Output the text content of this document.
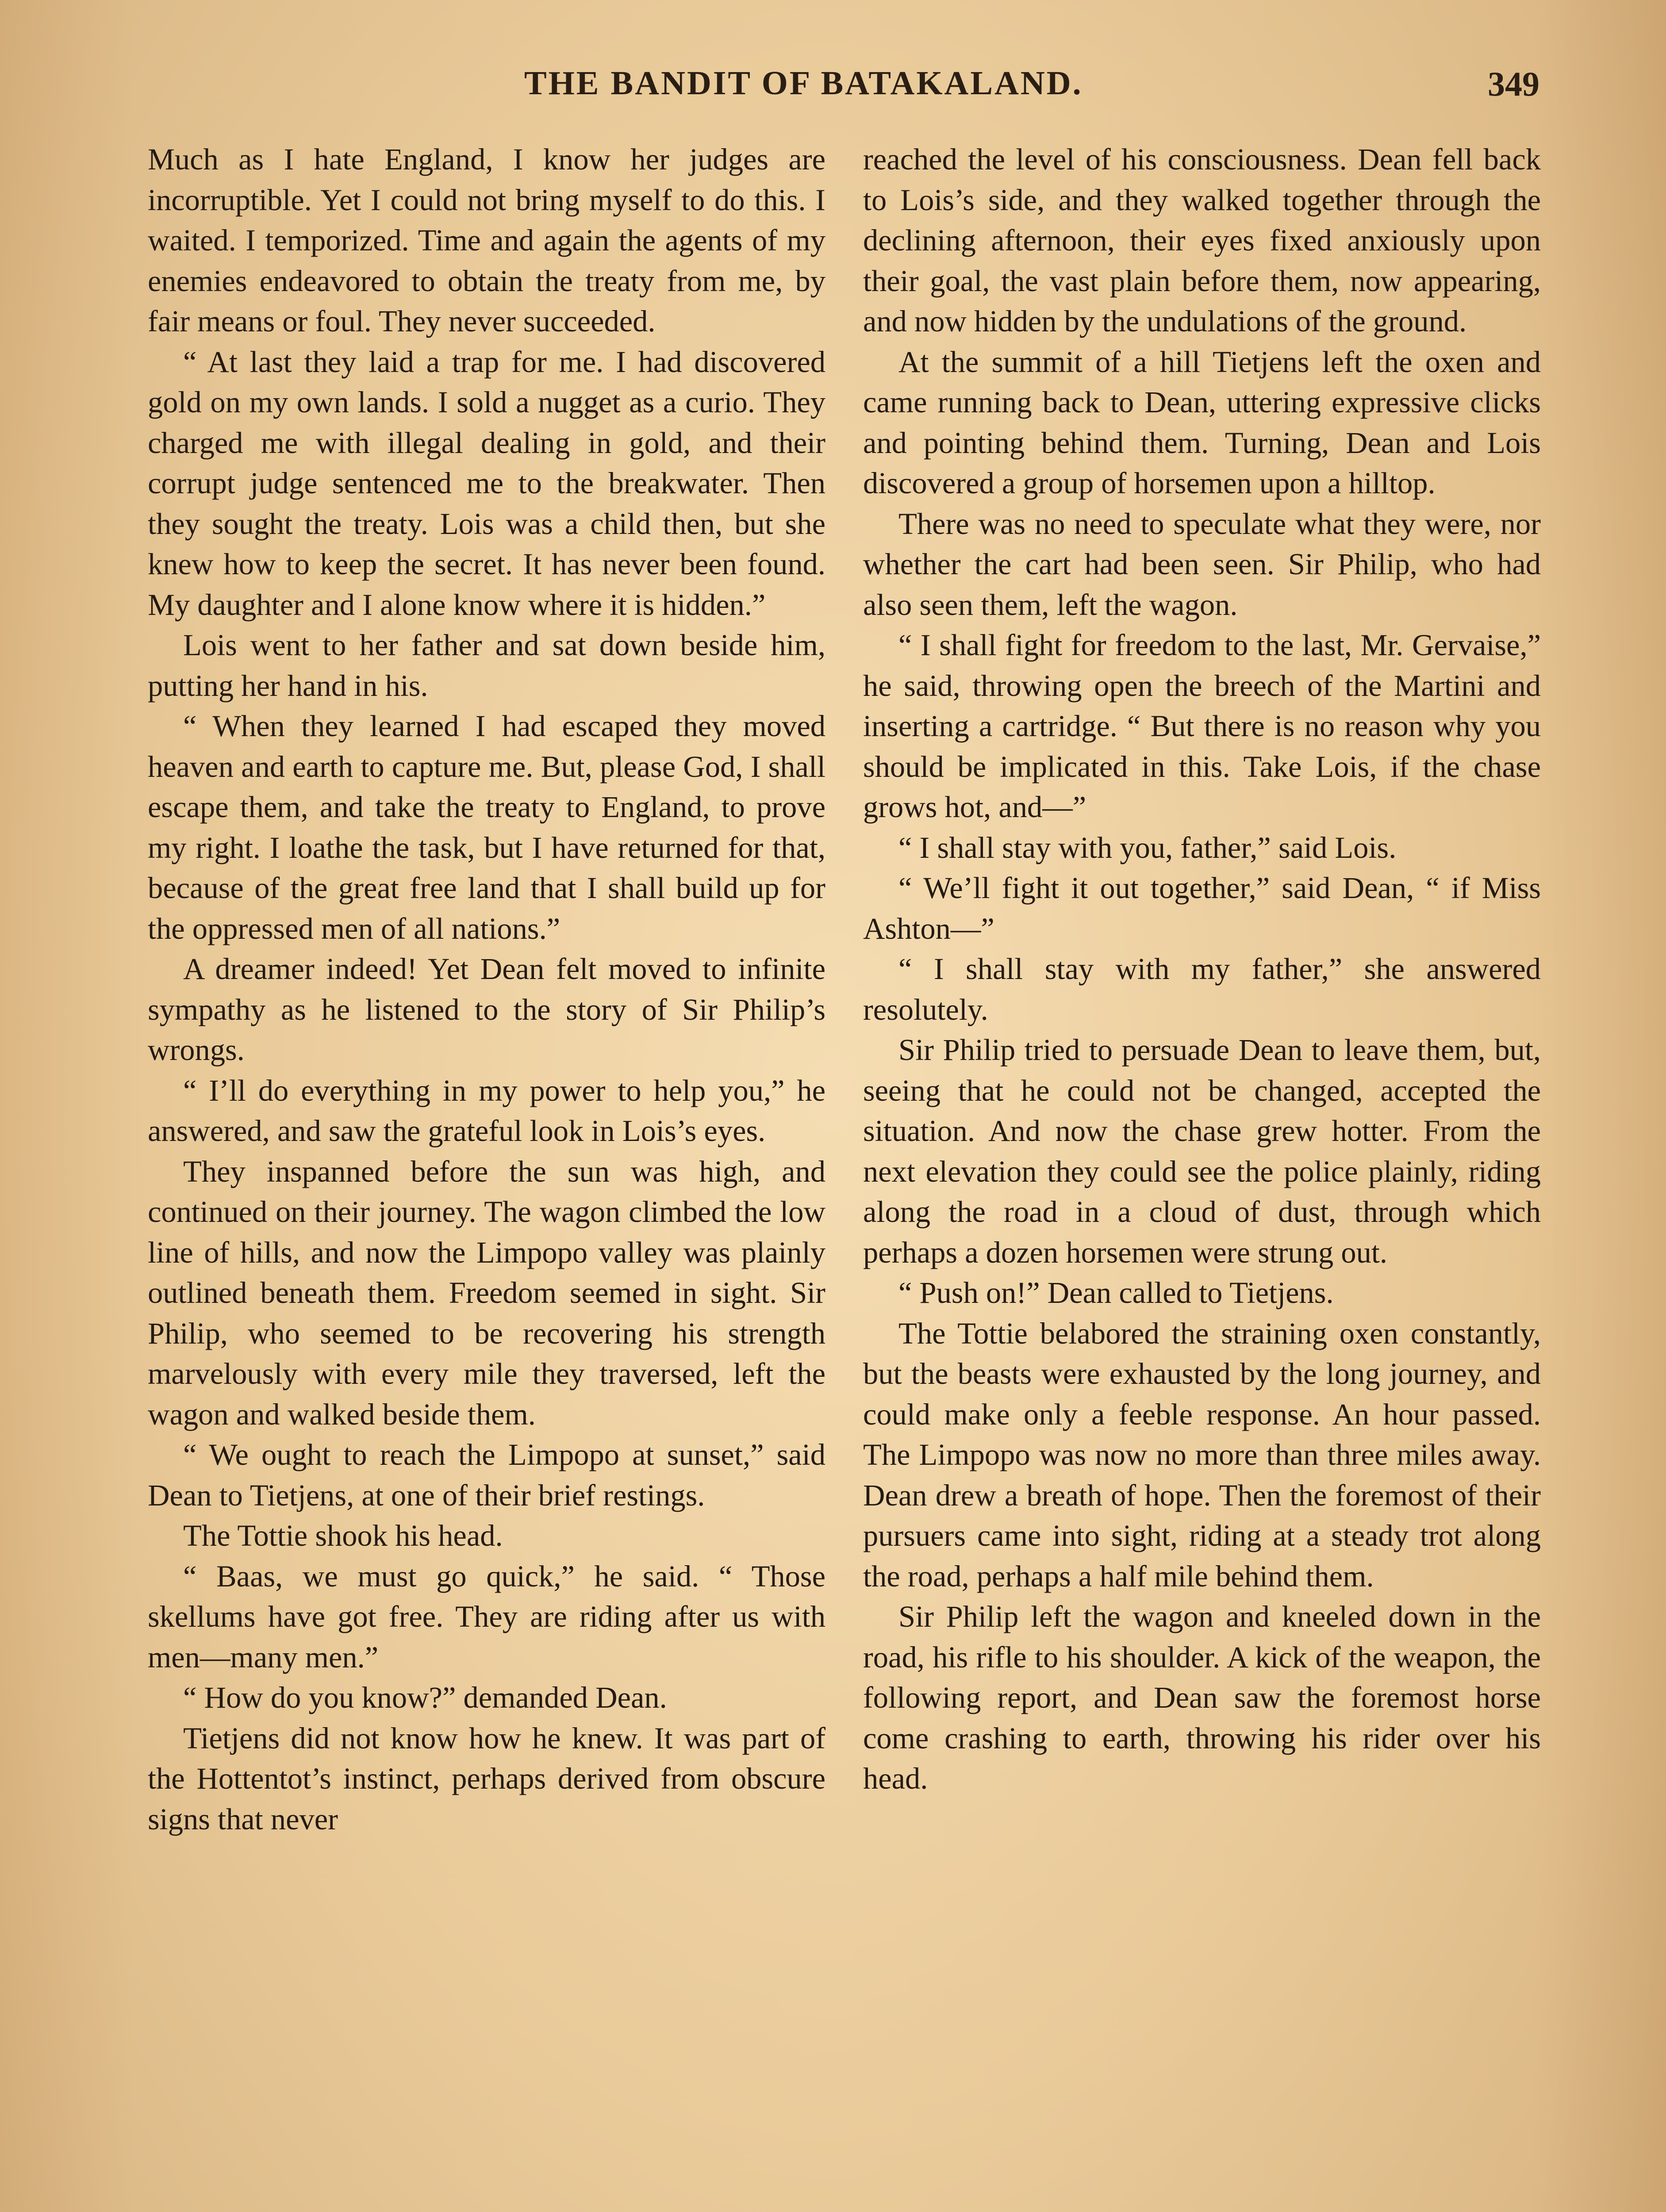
THE BANDIT OF BATAKALAND.	349

Much as I hate England, I know her judges are incorruptible. Yet I could not bring myself to do this. I waited. I temporized. Time and again the agents of my enemies endeavored to obtain the treaty from me, by fair means or foul. They never succeeded.

“ At last they laid a trap for me. I had discovered gold on my own lands. I sold a nugget as a curio. They charged me with illegal dealing in gold, and their corrupt judge sentenced me to the breakwater. Then they sought the treaty. Lois was a child then, but she knew how to keep the secret. It has never been found. My daughter and I alone know where it is hidden.”

Lois went to her father and sat down beside him, putting her hand in his.

“ When they learned I had escaped they moved heaven and earth to capture me. But, please God, I shall escape them, and take the treaty to England, to prove my right. I loathe the task, but I have returned for that, because of the great free land that I shall build up for the oppressed men of all nations.”

A dreamer indeed! Yet Dean felt moved to infinite sympathy as he listened to the story of Sir Philip’s wrongs.

“ I’ll do everything in my power to help you,” he answered, and saw the grateful look in Lois’s eyes.

They inspanned before the sun was high, and continued on their journey. The wagon climbed the low line of hills, and now the Limpopo valley was plainly outlined beneath them. Freedom seemed in sight. Sir Philip, who seemed to be recovering his strength marvelously with every mile they traversed, left the wagon and walked beside them.

“ We ought to reach the Limpopo at sunset,” said Dean to Tietjens, at one of their brief restings.

The Tottie shook his head.

“ Baas, we must go quick,” he said. “ Those skellums have got free. They are riding after us with men—many men.”

“ How do you know?” demanded Dean.

Tietjens did not know how he knew. It was part of the Hottentot’s instinct, perhaps derived from obscure signs that never

reached the level of his consciousness. Dean fell back to Lois’s side, and they walked together through the declining afternoon, their eyes fixed anxiously upon their goal, the vast plain before them, now appearing, and now hidden by the undulations of the ground.

At the summit of a hill Tietjens left the oxen and came running back to Dean, uttering expressive clicks and pointing behind them. Turning, Dean and Lois discovered a group of horsemen upon a hilltop.

There was no need to speculate what they were, nor whether the cart had been seen. Sir Philip, who had also seen them, left the wagon.

“ I shall fight for freedom to the last, Mr. Gervaise,” he said, throwing open the breech of the Martini and inserting a cartridge. “ But there is no reason why you should be implicated in this. Take Lois, if the chase grows hot, and—”

“ I shall stay with you, father,” said Lois.

“ We’ll fight it out together,” said Dean, “ if Miss Ashton—”

“ I shall stay with my father,” she answered resolutely.

Sir Philip tried to persuade Dean to leave them, but, seeing that he could not be changed, accepted the situation. And now the chase grew hotter. From the next elevation they could see the police plainly, riding along the road in a cloud of dust, through which perhaps a dozen horsemen were strung out.

“ Push on!” Dean called to Tietjens.

The Tottie belabored the straining oxen constantly, but the beasts were exhausted by the long journey, and could make only a feeble response. An hour passed. The Limpopo was now no more than three miles away. Dean drew a breath of hope. Then the foremost of their pursuers came into sight, riding at a steady trot along the road, perhaps a half mile behind them.

Sir Philip left the wagon and kneeled down in the road, his rifle to his shoulder. A kick of the weapon, the following report, and Dean saw the foremost horse come crashing to earth, throwing his rider over his head.
